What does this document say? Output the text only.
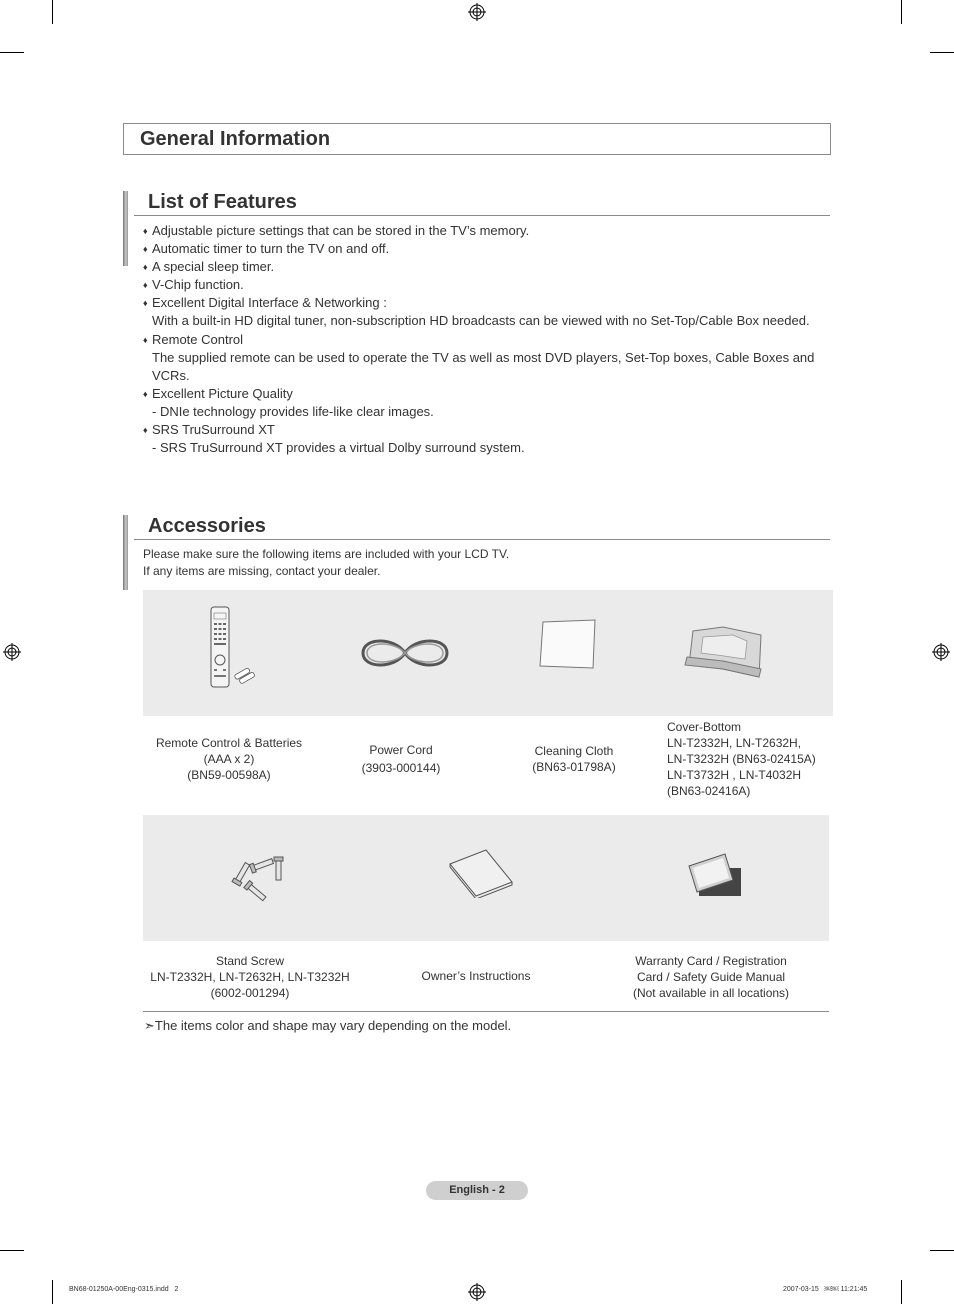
General Information
List of Features
♦ Adjustable picture settings that can be stored in the TV’s memory.
♦ Automatic timer to turn the TV on and off.
♦ A special sleep timer.
♦ V-Chip function.
♦ Excellent Digital Interface & Networking :
With a built-in HD digital tuner, non-subscription HD broadcasts can be viewed with no Set-Top/Cable Box needed.
♦ Remote Control
The supplied remote can be used to operate the TV as well as most DVD players, Set-Top boxes, Cable Boxes and VCRs.
♦ Excellent Picture Quality
- DNIe technology provides life-like clear images.
♦ SRS TruSurround XT
- SRS TruSurround XT provides a virtual Dolby surround system.
Accessories
Please make sure the following items are included with your LCD TV.
If any items are missing, contact your dealer.
Remote Control & Batteries
(AAA x 2)
(BN59-00598A)
Power Cord
(3903-000144)
Cleaning Cloth
(BN63-01798A)
Cover-Bottom
LN-T2332H, LN-T2632H,
LN-T3232H (BN63-02415A)
LN-T3732H , LN-T4032H
(BN63-02416A)
Stand Screw
LN-T2332H, LN-T2632H, LN-T3232H
(6002-001294)
Owner’s Instructions
Warranty Card / Registration
Card / Safety Guide Manual
(Not available in all locations)
➣The items color and shape may vary depending on the model.
English - 2
BN68-01250A-00Eng-0315.indd   2	2007-03-15   ￼￼ 11:21:45
